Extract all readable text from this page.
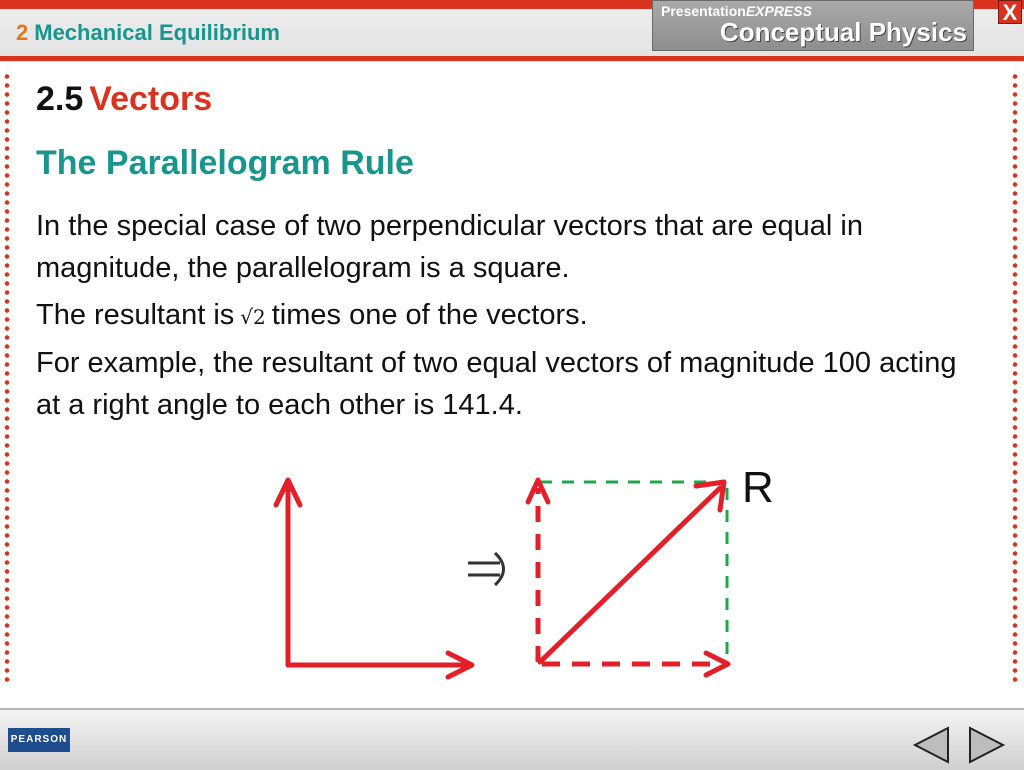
2 Mechanical Equilibrium
PresentationEXPRESS
Conceptual Physics
X
2.5 Vectors
The Parallelogram Rule
In the special case of two perpendicular vectors that are equal in magnitude, the parallelogram is a square.
The resultant is √2 times one of the vectors.
For example, the resultant of two equal vectors of magnitude 100 acting at a right angle to each other is 141.4.
R
PEARSON
